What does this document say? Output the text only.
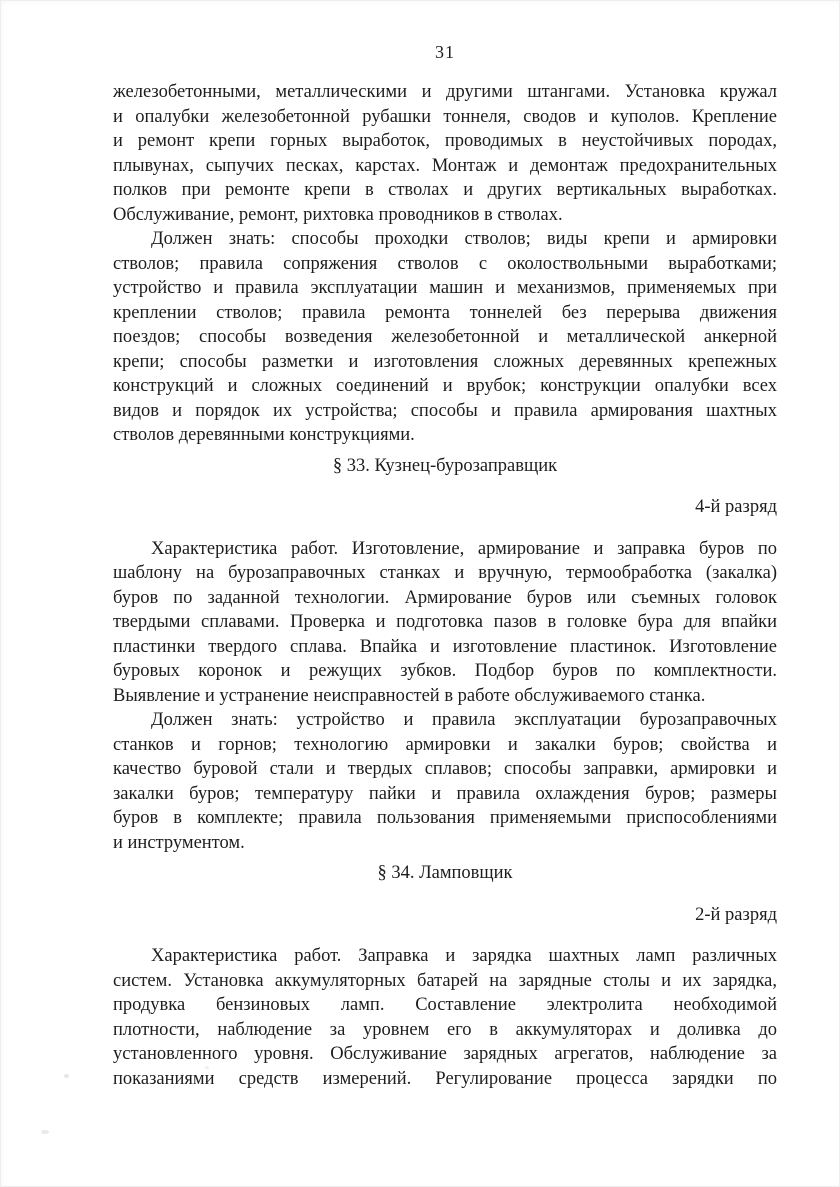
31
железобетонными, металлическими и другими штангами. Установка кружал
и опалубки железобетонной рубашки тоннеля, сводов и куполов. Крепление
и ремонт крепи горных выработок, проводимых в неустойчивых породах,
плывунах, сыпучих песках, карстах. Монтаж и демонтаж предохранительных
полков при ремонте крепи в стволах и других вертикальных выработках.
Обслуживание, ремонт, рихтовка проводников в стволах.
Должен знать: способы проходки стволов; виды крепи и армировки
стволов; правила сопряжения стволов с околоствольными выработками;
устройство и правила эксплуатации машин и механизмов, применяемых при
креплении стволов; правила ремонта тоннелей без перерыва движения
поездов; способы возведения железобетонной и металлической анкерной
крепи; способы разметки и изготовления сложных деревянных крепежных
конструкций и сложных соединений и врубок; конструкции опалубки всех
видов и порядок их устройства; способы и правила армирования шахтных
стволов деревянными конструкциями.
§ 33. Кузнец-бурозаправщик
4-й разряд
Характеристика работ. Изготовление, армирование и заправка буров по
шаблону на бурозаправочных станках и вручную, термообработка (закалка)
буров по заданной технологии. Армирование буров или съемных головок
твердыми сплавами. Проверка и подготовка пазов в головке бура для впайки
пластинки твердого сплава. Впайка и изготовление пластинок. Изготовление
буровых коронок и режущих зубков. Подбор буров по комплектности.
Выявление и устранение неисправностей в работе обслуживаемого станка.
Должен знать: устройство и правила эксплуатации бурозаправочных
станков и горнов; технологию армировки и закалки буров; свойства и
качество буровой стали и твердых сплавов; способы заправки, армировки и
закалки буров; температуру пайки и правила охлаждения буров; размеры
буров в комплекте; правила пользования применяемыми приспособлениями
и инструментом.
§ 34. Ламповщик
2-й разряд
Характеристика работ. Заправка и зарядка шахтных ламп различных
систем. Установка аккумуляторных батарей на зарядные столы и их зарядка,
продувка бензиновых ламп. Составление электролита необходимой
плотности, наблюдение за уровнем его в аккумуляторах и доливка до
установленного уровня. Обслуживание зарядных агрегатов, наблюдение за
показаниями средств измерений. Регулирование процесса зарядки по
